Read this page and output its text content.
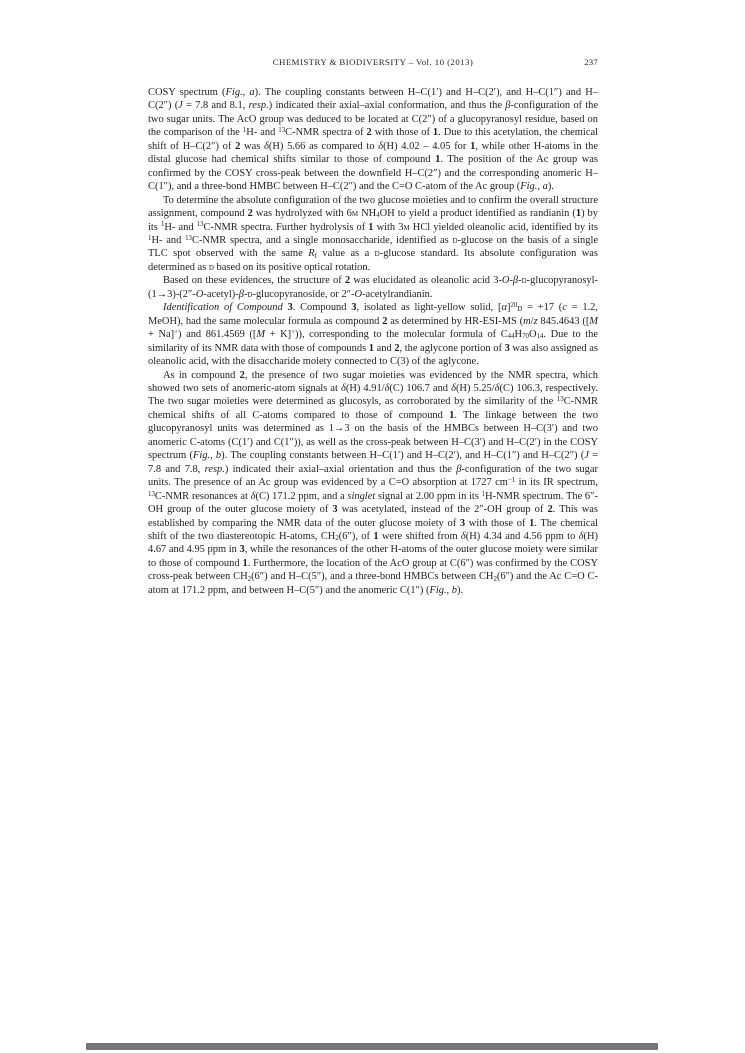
CHEMISTRY & BIODIVERSITY – Vol. 10 (2013)	237

COSY spectrum (Fig., a). The coupling constants between H–C(1′) and H–C(2′), and H–C(1″) and H–C(2″) (J = 7.8 and 8.1, resp.) indicated their axial–axial conformation, and thus the β-configuration of the two sugar units. The AcO group was deduced to be located at C(2″) of a glucopyranosyl residue, based on the comparison of the $^1$H- and $^{13}$C-NMR spectra of 2 with those of 1. Due to this acetylation, the chemical shift of H–C(2″) of 2 was δ(H) 5.66 as compared to δ(H) 4.02 – 4.05 for 1, while other H-atoms in the distal glucose had chemical shifts similar to those of compound 1. The position of the Ac group was confirmed by the COSY cross-peak between the downfield H–C(2″) and the corresponding anomeric H–C(1″), and a three-bond HMBC between H–C(2″) and the C=O C-atom of the Ac group (Fig., a).

To determine the absolute configuration of the two glucose moieties and to confirm the overall structure assignment, compound 2 was hydrolyzed with 6m $NH_4OH$ to yield a product identified as randianin (1) by its $^1$H- and $^{13}$C-NMR spectra. Further hydrolysis of 1 with 3m HCl yielded oleanolic acid, identified by its $^1$H- and $^{13}$C-NMR spectra, and a single monosaccharide, identified as d-glucose on the basis of a single TLC spot observed with the same $R_f$ value as a d-glucose standard. Its absolute configuration was determined as d based on its positive optical rotation.

Based on these evidences, the structure of 2 was elucidated as oleanolic acid 3-O-β-d-glucopyranosyl-(1→3)-(2″-O-acetyl)-β-d-glucopyranoside, or 2″-O-acetylrandianin.

Identification of Compound 3. Compound 3, isolated as light-yellow solid, $[\alpha]^{20}_D = +17$ (c = 1.2, MeOH), had the same molecular formula as compound 2 as determined by HR-ESI-MS (m/z 845.4643 ([M + Na]+) and 861.4569 ([M + K]+)), corresponding to the molecular formula of $C_{44}H_{70}O_{14}$. Due to the similarity of its NMR data with those of compounds 1 and 2, the aglycone portion of 3 was also assigned as oleanolic acid, with the disaccharide moiety connected to C(3) of the aglycone.

As in compound 2, the presence of two sugar moieties was evidenced by the NMR spectra, which showed two sets of anomeric-atom signals at δ(H) 4.91/δ(C) 106.7 and δ(H) 5.25/δ(C) 106.3, respectively. The two sugar moieties were determined as glucosyls, as corroborated by the similarity of the $^{13}$C-NMR chemical shifts of all C-atoms compared to those of compound 1. The linkage between the two glucopyranosyl units was determined as 1→3 on the basis of the HMBCs between H–C(3′) and two anomeric C-atoms (C(1′) and C(1″)), as well as the cross-peak between H–C(3′) and H–C(2′) in the COSY spectrum (Fig., b). The coupling constants between H–C(1′) and H–C(2′), and H–C(1″) and H–C(2″) (J = 7.8 and 7.8, resp.) indicated their axial–axial orientation and thus the β-configuration of the two sugar units. The presence of an Ac group was evidenced by a C=O absorption at 1727 $cm^{-1}$ in its IR spectrum, $^{13}$C-NMR resonances at δ(C) 171.2 ppm, and a singlet signal at 2.00 ppm in its $^1$H-NMR spectrum. The 6″-OH group of the outer glucose moiety of 3 was acetylated, instead of the 2″-OH group of 2. This was established by comparing the NMR data of the outer glucose moiety of 3 with those of 1. The chemical shift of the two diastereotopic H-atoms, $CH_2(6'')$, of 1 were shifted from δ(H) 4.34 and 4.56 ppm to δ(H) 4.67 and 4.95 ppm in 3, while the resonances of the other H-atoms of the outer glucose moiety were similar to those of compound 1. Furthermore, the location of the AcO group at C(6″) was confirmed by the COSY cross-peak between $CH_2(6'')$ and H–C(5″), and a three-bond HMBCs between $CH_2(6'')$ and the Ac C=O C-atom at 171.2 ppm, and between H–C(5″) and the anomeric C(1″) (Fig., b).
